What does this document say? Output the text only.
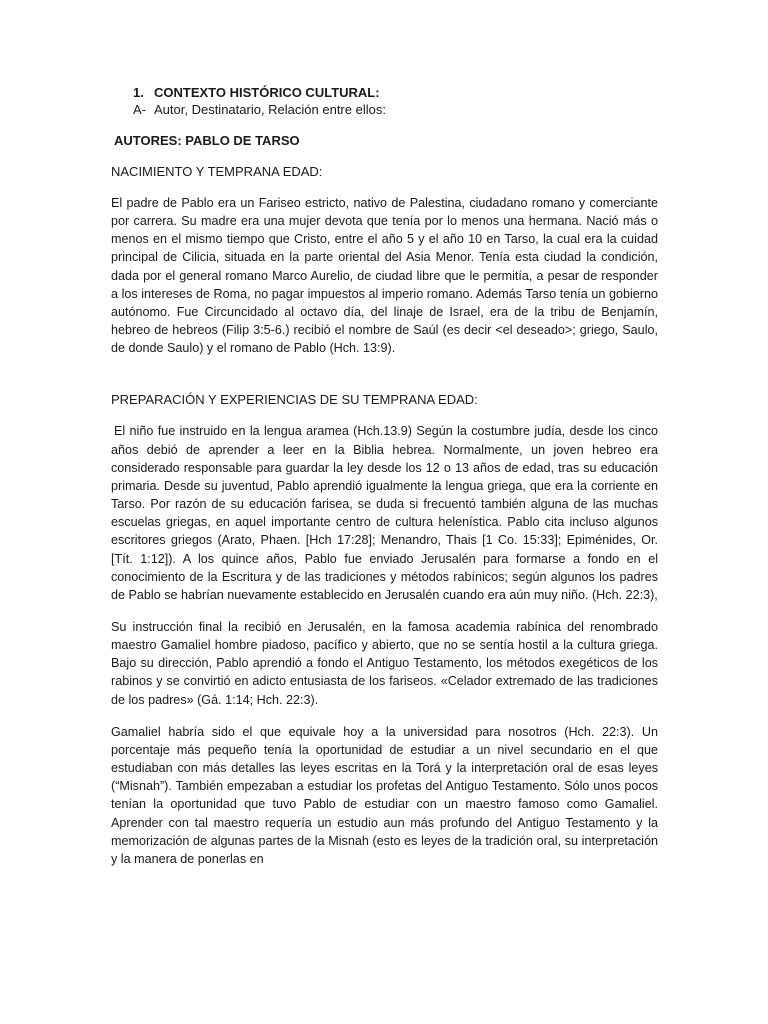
1. CONTEXTO HISTÓRICO CULTURAL:

A- Autor, Destinatario, Relación entre ellos:

AUTORES: PABLO DE TARSO

NACIMIENTO Y TEMPRANA EDAD:

El padre de Pablo era un Fariseo estricto, nativo de Palestina, ciudadano romano y comerciante por carrera. Su madre era una mujer devota que tenía por lo menos una hermana. Nació más o menos en el mismo tiempo que Cristo, entre el año 5 y el año 10 en Tarso, la cual era la cuidad principal de Cilicia, situada en la parte oriental del Asia Menor. Tenía esta ciudad la condición, dada por el general romano Marco Aurelio, de ciudad libre que le permitía, a pesar de responder a los intereses de Roma, no pagar impuestos al imperio romano. Además Tarso tenía un gobierno autónomo. Fue Circuncidado al octavo día, del linaje de Israel, era de la tribu de Benjamín, hebreo de hebreos (Filip 3:5-6.) recibió el nombre de Saúl (es decir <el deseado>; griego, Saulo, de donde Saulo) y el romano de Pablo (Hch. 13:9).

PREPARACIÓN Y EXPERIENCIAS DE SU TEMPRANA EDAD:

El niño fue instruido en la lengua aramea (Hch.13.9) Según la costumbre judía, desde los cinco años debió de aprender a leer en la Biblia hebrea. Normalmente, un joven hebreo era considerado responsable para guardar la ley desde los 12 o 13 años de edad, tras su educación primaria. Desde su juventud, Pablo aprendió igualmente la lengua griega, que era la corriente en Tarso. Por razón de su educación farisea, se duda si frecuentó también alguna de las muchas escuelas griegas, en aquel importante centro de cultura helenística. Pablo cita incluso algunos escritores griegos (Arato, Phaen. [Hch 17:28]; Menandro, Thais [1 Co. 15:33]; Epiménides, Or. [Tít. 1:12]). A los quince años, Pablo fue enviado Jerusalén para formarse a fondo en el conocimiento de la Escritura y de las tradiciones y métodos rabínicos; según algunos los padres de Pablo se habrían nuevamente establecido en Jerusalén cuando era aún muy niño. (Hch. 22:3),

Su instrucción final la recibió en Jerusalén, en la famosa academia rabínica del renombrado maestro Gamaliel hombre piadoso, pacífico y abierto, que no se sentía hostil a la cultura griega. Bajo su dirección, Pablo aprendió a fondo el Antiguo Testamento, los métodos exegéticos de los rabinos y se convirtió en adicto entusiasta de los fariseos. «Celador extremado de las tradiciones de los padres» (Gá. 1:14; Hch. 22:3).

Gamaliel habría sido el que equivale hoy a la universidad para nosotros (Hch. 22:3). Un porcentaje más pequeño tenía la oportunidad de estudiar a un nivel secundario en el que estudiaban con más detalles las leyes escritas en la Torá y la interpretación oral de esas leyes (“Misnah”). También empezaban a estudiar los profetas del Antiguo Testamento. Sólo unos pocos tenían la oportunidad que tuvo Pablo de estudiar con un maestro famoso como Gamaliel. Aprender con tal maestro requería un estudio aun más profundo del Antiguo Testamento y la memorización de algunas partes de la Misnah (esto es leyes de la tradición oral, su interpretación y la manera de ponerlas en
